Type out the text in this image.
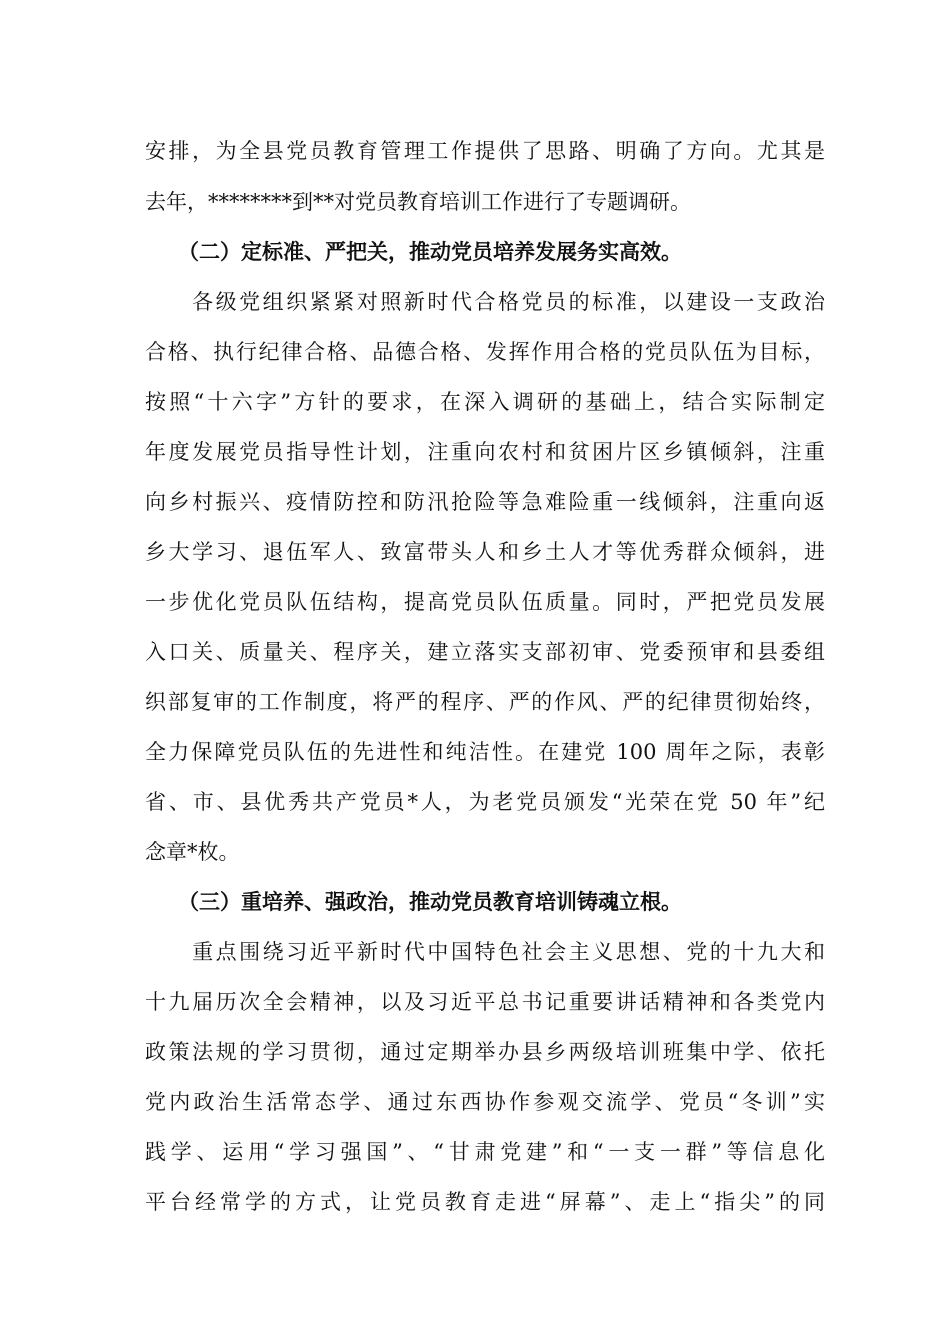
安排，为全县党员教育管理工作提供了思路、明确了方向。尤其是
去年，********到**对党员教育培训工作进行了专题调研。
（二）定标准、严把关，推动党员培养发展务实高效。
　　各级党组织紧紧对照新时代合格党员的标准，以建设一支政治
合格、执行纪律合格、品德合格、发挥作用合格的党员队伍为目标，
按照“十六字”方针的要求，在深入调研的基础上，结合实际制定
年度发展党员指导性计划，注重向农村和贫困片区乡镇倾斜，注重
向乡村振兴、疫情防控和防汛抢险等急难险重一线倾斜，注重向返
乡大学习、退伍军人、致富带头人和乡土人才等优秀群众倾斜，进
一步优化党员队伍结构，提高党员队伍质量。同时，严把党员发展
入口关、质量关、程序关，建立落实支部初审、党委预审和县委组
织部复审的工作制度，将严的程序、严的作风、严的纪律贯彻始终，
全力保障党员队伍的先进性和纯洁性。在建党 100 周年之际，表彰
省、市、县优秀共产党员*人，为老党员颁发“光荣在党 50 年”纪
念章*枚。
（三）重培养、强政治，推动党员教育培训铸魂立根。
　　重点围绕习近平新时代中国特色社会主义思想、党的十九大和
十九届历次全会精神，以及习近平总书记重要讲话精神和各类党内
政策法规的学习贯彻，通过定期举办县乡两级培训班集中学、依托
党内政治生活常态学、通过东西协作参观交流学、党员“冬训”实
践学、运用“学习强国”、“甘肃党建”和“一支一群”等信息化
平台经常学的方式，让党员教育走进“屏幕”、走上“指尖”的同
